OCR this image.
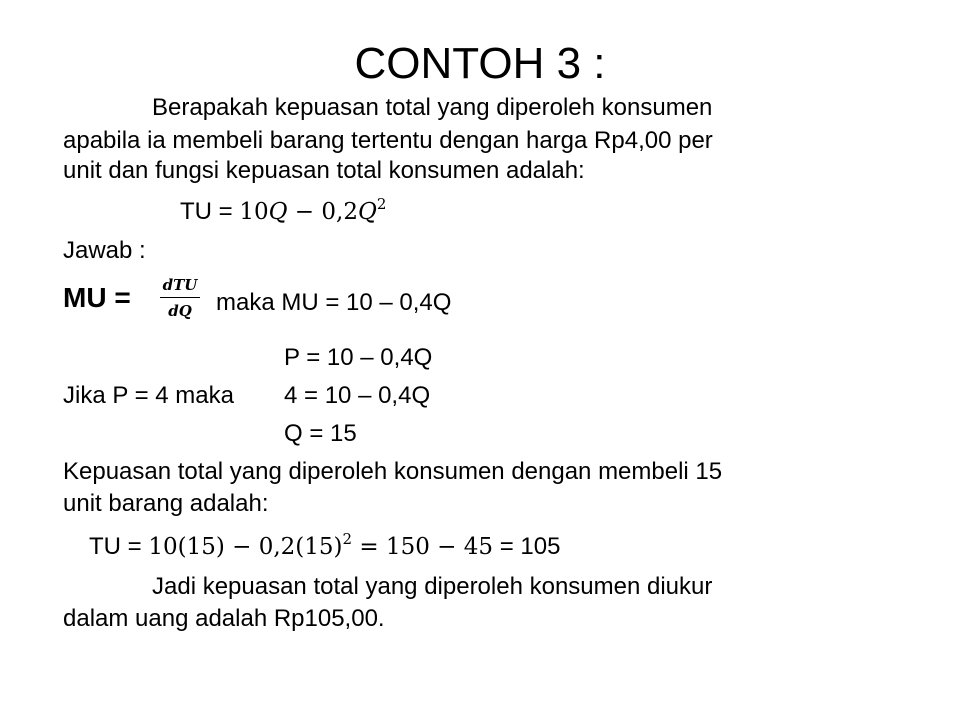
CONTOH 3 :
Berapakah kepuasan total yang diperoleh konsumen
apabila ia membeli barang tertentu dengan harga Rp4,00 per
unit dan fungsi kepuasan total konsumen adalah:
TU = $10Q - 0,2Q^2$
Jawab :
MU =	dTU
dQ	maka MU = 10 – 0,4Q
P = 10 – 0,4Q
Jika P = 4 maka 4 = 10 – 0,4Q
Q = 15
Kepuasan total yang diperoleh konsumen dengan membeli 15
unit barang adalah:
TU = $10(15) - 0,2(15)^2 = 150 - 45 = 105$
Jadi kepuasan total yang diperoleh konsumen diukur
dalam uang adalah Rp105,00.
